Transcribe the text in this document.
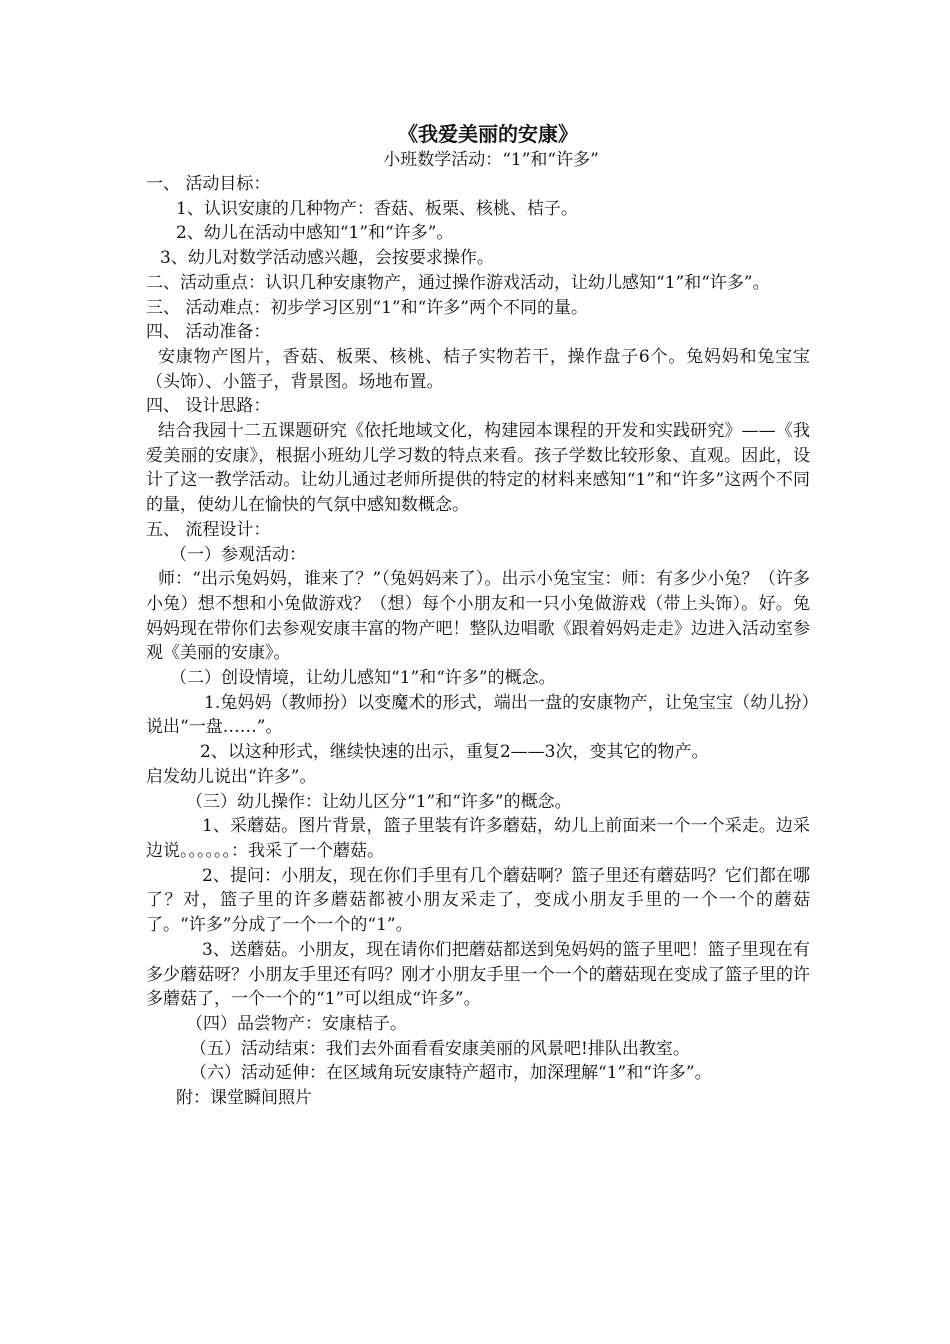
《我爱美丽的安康》

小班数学活动：“1”和“许多”

一、 活动目标：

1、认识安康的几种物产：香菇、板栗、核桃、桔子。

2、幼儿在活动中感知“1”和“许多”。

3、幼儿对数学活动感兴趣，会按要求操作。

二、活动重点：认识几种安康物产，通过操作游戏活动，让幼儿感知“1”和“许多”。

三、 活动难点：初步学习区别“1”和“许多”两个不同的量。

四、 活动准备：

安康物产图片，香菇、板栗、核桃、桔子实物若干，操作盘子6个。兔妈妈和兔宝宝（头饰）、小篮子，背景图。场地布置。

四、 设计思路：

结合我园十二五课题研究《依托地域文化，构建园本课程的开发和实践研究》——《我爱美丽的安康》，根据小班幼儿学习数的特点来看。孩子学数比较形象、直观。因此，设计了这一教学活动。让幼儿通过老师所提供的特定的材料来感知“1”和“许多”这两个不同的量，使幼儿在愉快的气氛中感知数概念。

五、 流程设计：

（一）参观活动：

师：“出示兔妈妈，谁来了？”（兔妈妈来了）。出示小兔宝宝：师：有多少小兔？（许多小兔）想不想和小兔做游戏？（想）每个小朋友和一只小兔做游戏（带上头饰）。好。兔妈妈现在带你们去参观安康丰富的物产吧！整队边唱歌《跟着妈妈走走》边进入活动室参观《美丽的安康》。

（二）创设情境，让幼儿感知“1”和“许多”的概念。

1.兔妈妈（教师扮）以变魔术的形式，端出一盘的安康物产，让兔宝宝（幼儿扮）说出“一盘……”。

2、以这种形式，继续快速的出示，重复2——3次，变其它的物产。

启发幼儿说出“许多”。

（三）幼儿操作：让幼儿区分“1”和“许多”的概念。

1、采蘑菇。图片背景，篮子里装有许多蘑菇，幼儿上前面来一个一个采走。边采边说。。。。。。：我采了一个蘑菇。

2、提问：小朋友，现在你们手里有几个蘑菇啊？篮子里还有蘑菇吗？它们都在哪了？对，篮子里的许多蘑菇都被小朋友采走了，变成小朋友手里的一个一个的蘑菇了。“许多”分成了一个一个的“1”。

3、送蘑菇。小朋友，现在请你们把蘑菇都送到兔妈妈的篮子里吧！篮子里现在有多少蘑菇呀？小朋友手里还有吗？刚才小朋友手里一个一个的蘑菇现在变成了篮子里的许多蘑菇了，一个一个的“1”可以组成“许多”。

（四）品尝物产：安康桔子。

（五）活动结束：我们去外面看看安康美丽的风景吧!排队出教室。

（六）活动延伸：在区域角玩安康特产超市，加深理解“1”和“许多”。

附：课堂瞬间照片
